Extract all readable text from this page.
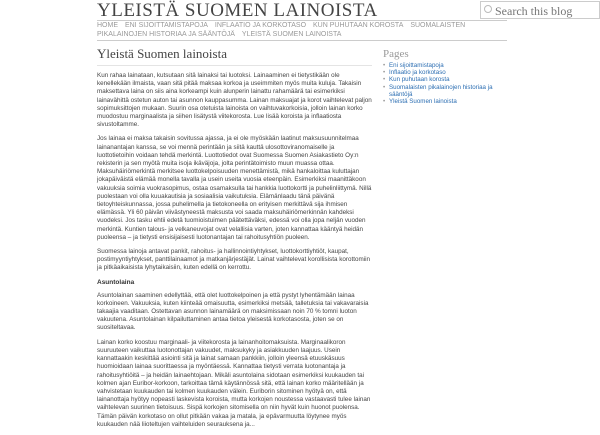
YLEISTÄ SUOMEN LAINOISTA
Search this blog
HOME ENI SIJOITTAMISTAPOJA INFLAATIO JA KORKOTASO KUN PUHUTAAN KOROSTA SUOMALAISTEN PIKALAINOJEN HISTORIAA JA SÄÄNTÖJÄ YLEISTÄ SUOMEN LAINOISTA
Yleistä Suomen lainoista

Kun rahaa lainataan, kutsutaan sitä lainaksi tai luotoksi. Lainaaminen ei tietystikään ole kenellekään ilmaista, vaan sitä pitää maksaa korkoa ja useimmiten myös muita kuluja. Takaisin maksettava laina on siis aina korkeampi kuin alunperin lainattu rahamäärä tai esimerkiksi lainavähittä ostetun auton tai asunnon kauppasumma. Lainan maksuajat ja korot vaihtelevat paljon sopimuksittojen mukaan. Suurin osa otetuista lainoista on vaihtuvakorkoisia, jolloin lainan korko muodostuu marginaalista ja siihen lisätystä viitekorosta. Lue lisää koroista ja inflaatiosta sivustoltamme.

Jos lainaa ei maksa takaisin sovitussa ajassa, ja ei ole myöskään laatinut maksusuunnitelmaa lainanantajan kanssa, se voi mennä perintään ja siitä kauttä ulosottoviranomaiselle ja luottotietoihin voidaan tehdä merkintä. Luottotiedot ovat Suomessa Suomen Asiakastieto Oy:n rekisterin ja sen myötä muita isoja ikäväjoja, jolta perintätoimisto muun muassa ottaa. Maksuhäiriömerkintä merkitsee luottokelpoisuuden menettämistä, mikä hankaloittaa kuluttajan jokapäiväistä elämää monella tavalla ja usein useita vuosia eteenpäin. Esimerkiksi maanittäkoon vakuuksia soimia vuokrasopimus, ostaa osamaksulla tai hankkia luottokortti ja puhelinliittymä. Nillä puolestaan voi olla kuuakautisia ja sosiaalisia vaikutuksia. Elämänlaadu tänä päivänä tietoyhteiskunnassa, jossa puhelimella ja tietokoneella on erityisen merkittävä sija ihmisen elämässä. Yli 60 päivän viivästyneestä maksusta voi saada maksuhäiriömerkinnän kahdeksi vuodeksi. Jos tasku ehtii edetä tuomioistuimen päätettäväksi, edessä voi olla jopa neljän vuoden merkintä. Kuntien talous- ja velkaneuvojat ovat velallisia varten, joten kannattaa kääntyä heidän puoleensa – ja tietysti ensisijaisesti luotonantajan tai rahoitusyhtiön puoleen.

Suomessa lainoja antavat pankit, rahoitus- ja hallinnointiyhtykset, luottokorttiyhtiöt, kaupat, postimyyntiyhtykset, panttilainaamot ja matkanjärjestäjät. Lainat vaihtelevat korollisista korottomiin ja pitkäaikaisista lyhytaikaisiin, kuten edellä on kerrottu.

Asuntolaina

Asuntolainan saaminen edellyttää, että olet luottokelpoinen ja että pystyt lyhentämään lainaa korkoineen. Vakuuksia, kuten kiinteää omaisuutta, esimerkiksi metsää, talletuksia tai vakavaraisia takaajia vaaditaan. Ostettavan asunnon lainamäärä on maksimissaan noin 70 % tomni luoton vakuutena. Asuntolainan kilpailuttaminen antaa tietoa yleisestä korkotasosta, joten se on suositeltavaa.

Lainan korko koostuu marginaali- ja viitekorosta ja lainanhoitomaksuista. Marginaalikoron suuruuteen vaikuttaa luotonottajan vakuudet, maksukyky ja asiakkuuden laajuus. Usein kannattaakin keskittää asiointi sitä ja lainat samaan pankkiin, jolloin yleensä etuuskäsuus huomioidaan lainaa suorittaessa ja myöntäessä. Kannattaa tietysti verrata luotonantaja ja rahoitusyhtiöitä – ja heidän lainaehtojaan. Mikäli asuntolaina sidotaan esimerkiksi kuukauden tai kolmen ajan Euribor-korkoon, tarkoittaa tämä käytännössä sitä, että lainan korko määritellään ja vahvistetaan kuukauden tai kolmen kuukauden välein. Euriborin sitominen hyötyä on, että lainanottaja hyötyy nopeasti laskevista koroista, mutta korkojen noustessa vastaavasti tulee lainan vaihtelevan suurinen tietoisuus. Sispä korkojen sitomisella on niin hyvät kuin huonot puolensa. Tämän päivän korkotaso on ollut pitkään vakaa ja matala, ja epävarmuutta löytynee myös kuukauden nää liioteltujen vaihteluiden seurauksena ja...

Pages
• Eni sijoittamistapoja
• Inflaatio ja korkotaso
• Kun puhutaan korosta
• Suomalaisten pikalainojen historiaa ja sääntöjä
• Yleistä Suomen lainoista
